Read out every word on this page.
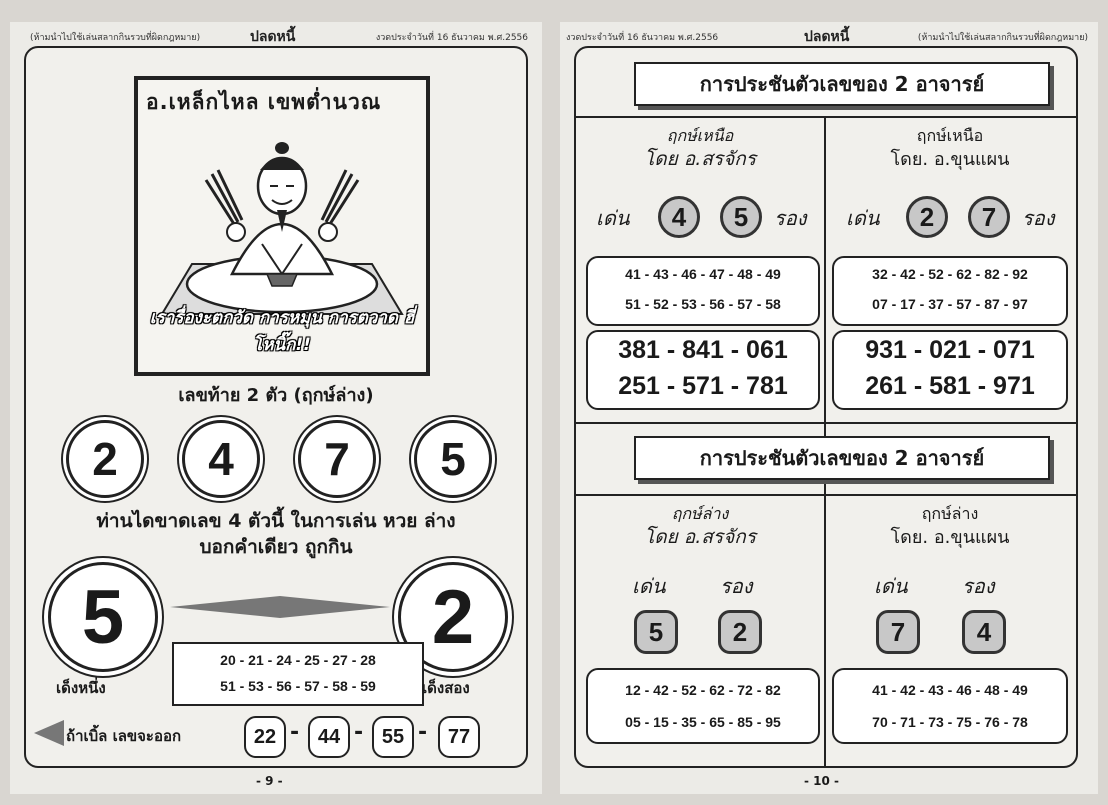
(ห้ามนำไปใช้เล่นสลากกินรวบที่ผิดกฎหมาย)	ปลดหนี้	งวดประจำวันที่ 16 ธันวาคม พ.ศ.2556
อ.เหล็กไหล เขพต่ำนวณ
เรารื่องะตกวัด การหมุน การตวาด ฮี่โหนิ๊ก!!
เลขท้าย 2 ตัว (ฤกษ์ล่าง)
2	4	7	5
ท่านไดขาดเลข 4 ตัวนี้ ในการเล่น หวย ล่าง
บอกคำเดียว ถูกกิน
5	2
20 - 21 - 24 - 25 - 27 - 28
51 - 53 - 56 - 57 - 58 - 59
เด็งหนึ่ง	เด็งสอง
ถ้าเบิ้ล เลขจะออก	22 - 44 - 55 -	77
- 9 -
งวดประจำวันที่ 16 ธันวาคม พ.ศ.2556	ปลดหนี้	(ห้ามนำไปใช้เล่นสลากกินรวบที่ผิดกฎหมาย)
การประชันตัวเลขของ 2 อาจารย์
ฤกษ์เหนือ
โดย อ.สรจักร
เด่น	4	5	รอง
41 - 43 - 46 - 47 - 48 - 49
51 - 52 - 53 - 56 - 57 - 58
381 - 841 - 061
251 - 571 - 781
ฤกษ์เหนือ
โดย. อ.ขุนแผน
เด่น	2	7	รอง
32 - 42 - 52 - 62 - 82 - 92
07 - 17 - 37 - 57 - 87 - 97
931 - 021 - 071
261 - 581 - 971
การประชันตัวเลขของ 2 อาจารย์
ฤกษ์ล่าง
โดย อ.สรจักร
เด่น	รอง
5	2
12 - 42 - 52 - 62 - 72 - 82
05 - 15 - 35 - 65 - 85 - 95
ฤกษ์ล่าง
โดย. อ.ขุนแผน
เด่น	รอง
7	4
41 - 42 - 43 - 46 - 48 - 49
70 - 71 - 73 - 75 - 76 - 78
- 10 -
